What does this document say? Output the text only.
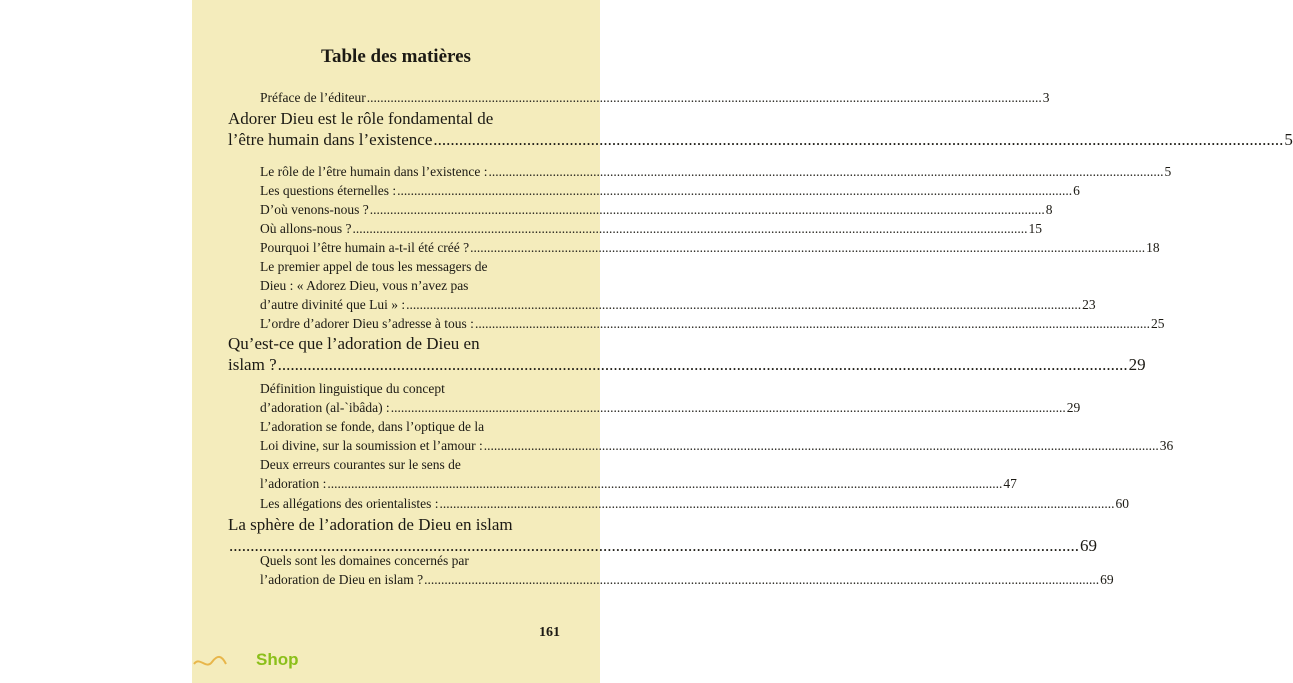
Table des matières
Préface de l’éditeur ........................................................................................................................................................................................................ 3
Adorer Dieu est le rôle fondamental de
l’être humain dans l’existence ........................................................................................................................................................................................................ 5
Le rôle de l’être humain dans l’existence : ........................................................................................................................................................................................................ 5
Les questions éternelles : ........................................................................................................................................................................................................ 6
D’où venons-nous ? ........................................................................................................................................................................................................ 8
Où allons-nous ? ........................................................................................................................................................................................................ 15
Pourquoi l’être humain a-t-il été créé ? ........................................................................................................................................................................................................ 18
Le premier appel de tous les messagers de
Dieu : « Adorez Dieu, vous n’avez pas
d’autre divinité que Lui » : ........................................................................................................................................................................................................ 23
L’ordre d’adorer Dieu s’adresse à tous : ........................................................................................................................................................................................................ 25
Qu’est-ce que l’adoration de Dieu en
islam ? ........................................................................................................................................................................................................ 29
Définition linguistique du concept
d’adoration (al-`ibâda) : ........................................................................................................................................................................................................ 29
L’adoration se fonde, dans l’optique de la
Loi divine, sur la soumission et l’amour : ........................................................................................................................................................................................................ 36
Deux erreurs courantes sur le sens de
l’adoration : ........................................................................................................................................................................................................ 47
Les allégations des orientalistes : ........................................................................................................................................................................................................ 60
La sphère de l’adoration de Dieu en islam
........................................................................................................................................................................................................ 69
Quels sont les domaines concernés par
l’adoration de Dieu en islam ? ........................................................................................................................................................................................................ 69
161
Shop
